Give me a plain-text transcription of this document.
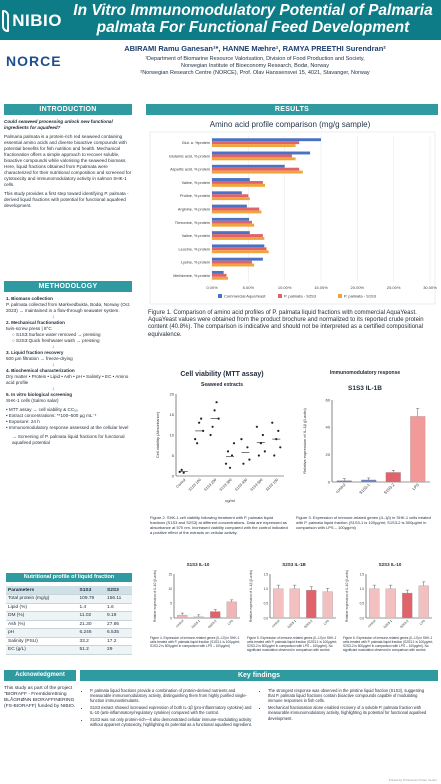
NIBIO
In Vitro Immunomodulatory Potential of Palmaria palmata For Functional Feed Development
NORCE
ABIRAMI Ramu Ganesan¹*, HANNE Mæhre¹, RAMYA PREETHI Surendran²
¹Department of Biomarine Resource Valorisation, Division of Food Production and Society,
Norwegian Institute of Bioeconomy Research, Bodø, Norway
²Norwegian Research Centre (NORCE), Prof. Olav Hanssensvei 15, 4021, Stavanger, Norway
INTRODUCTION	RESULTS

Could seaweed processing unlock new functional ingredients for aquafeed?

Palmaria palmata is a protein-rich red seaweed containing essential amino acids and diverse bioactive compounds with potential benefits for fish nutrition and health. Mechanical fractionation offers a simple approach to recover soluble, bioactive compounds while valorising the seaweed biomass. Here, liquid fractions obtained from P.palmata were characterized for their nutritional composition and screened for cytotoxicity and immunomodulatory activity in salmon SHK-1 cells.

This study provides a first step toward identifying P. palmata -derived liquid fractions with potential for functional aquafeed development.

METHODOLOGY
1. Biomass collection
P. palmata collected from Mørkvedbukta, Bodø, Norway (Oct. 2023) → maintained in a flow-through seawater system.
↓
2. Mechanical fractionation
twin-screw press | 8°C
○ S1S3:Surface water removed → pressing
○ S2S3:Quick freshwater wash → pressing
↓
3. Liquid fraction recovery
500 µm filtration → freeze-drying
↓
4. Biochemical characterization
Dry matter • Protein • Lipid • Ash • pH • Salinity • EC • Amino acid profile
↓
5. In vitro biological screening
SHK-1 cells (Salmo salar)
• MTT assay → cell viability & CC₅₀
• Extract concentrations: **100–500 µg mL⁻¹
• Exposure: 24 h
• Immunomodulatory response assessed at the cellular level
→ Screening of P. palmata liquid fractions for functional aquafeed potential
Nutritional profile of liquid fraction
Parameters	S1S3	S2S3
Total protein (mg/g)	109.79	156.11
Lipid (%)	1.4	1.6
DM (%)	11.02	9.19
Ash (%)	21.30	27.86
pH	6.246	6.535
Salinity (PSU)	33.2	17.2
EC (g/L)	51.2	29
Amino acid profile comparison (mg/g sample)
0.00%	5.00%	10.00%	15.00%	20.00%	25.00%	30.00%
Glut. a. %protein
Glutamic acid, % protein
Aspartic acid, % protein
Valine, % protein
Proline, % protein
Arginine, % protein
Threonine, % protein
Valine, % protein
Leucine, % protein
Lysine, % protein
Methionine, % protein
Commercial AquaYeast	P. palmata - S2S3	P. palmata - S1S3
Figure 1. Comparison of amino acid profiles of P. palmata liquid fractions with commercial AquaYeast. AquaYeast values were obtained from the product brochure and normalized to its reported crude protein content (40.8%). The comparison is indicative and should not be interpreted as a certified compositional equivalence.
Cell viability (MTT assay)
Seaweed extracts
0
5
10
15
20
Cell viability (Absorbance)
Control S1S3 100 S1S3 200 S1S3 300 S1S3 400 S1S3 500 S2S3 100
ug/ml
Immunomodulatory response
S1S3 IL-1B
0
20
40
60
Relative expression of IL-1β (β-actin)
control	S1S3-1	S1S3-2	LPS
Figure 2. SHK-1 cell viability following treatment with P. palmata liquid fractions (S1S3 and S2S3) at different concentrations. Data are expressed as absorbance at 570 nm. Increased viability compared with the control indicated a positive effect of the extracts on cellular activity.
Figure 3. Expression of immune-related genes (IL-1β) in SHK-1 cells treated with P. palmata liquid fraction (S1S3-1 is 100µg/ml; S1S3-2 is 500µg/ml in comparison with LPS – 100µg/ml)
S1S3 IL-10
0
5
10
15
Relative expression of IL-10 (β-actin)
control S1S3-1 S1S3-2	LPS
S2S3 IL-1B
0.0
0.5
1.0
1.5
Relative expression of IL-1β (β-actin)
control S2S3-1 S2S3-2	LPS
S2S3 IL-10
0.0
0.5
1.0
1.5
Relative expression of IL-10 (β-actin)
control S2S3-1 S2S3-2	LPS
Figure 4. Expression of immune-related genes (IL-10) in SHK-1 cells treated with P. palmata liquid fraction (S1S3-1 is 100µg/ml; S1S3-2 is 500µg/ml in comparison with LPS – 100µg/ml)
Figure 5. Expression of immune-related genes (IL-10) in SHK-1 cells treated with P. palmata liquid fraction (S2S3-1 is 100µg/ml; S2S3-2 is 500µg/ml in comparison with LPS – 100µg/ml). No significant modulation observed in comparison with control.
Figure 6. Expression of immune-related genes (IL-10) in SHK-1 cells treated with P. palmata liquid fraction (S2S3-1 is 100µg/ml; S2S3-2 is 500µg/ml in comparison with LPS – 100µg/ml). No significant modulation observed in comparison with control.
Acknowledgment
This study as part of the project "BIORAFF - Fremtidsrettning BLÅGRØNN BIORAFFINERING (FS-BIORAFF) funded by NIBIO.
Key findings
• P. palmata liquid fractions provide a combination of protein-derived nutrients and measurable immunomodulatory activity, distinguishing them from highly purified single-function immunostimulants.
• S1S3 extract showed increased expression of both IL-1β (pro-inflammatory cytokine) and IL-10 (anti-inflammatory/regulatory cytokine) compared with the control.
• S1S3 was not only protein-rich—it also demonstrated cellular immune-modulating activity without apparent cytotoxicity, highlighting its potential as a functional aquafeed ingredient.
• The strongest response was observed in the pristine liquid fraction (S1S3), suggesting that P. palmata liquid fractions contain bioactive compounds capable of modulating immune responses in fish cells.
• Mechanical fractionation alone enabled recovery of a soluble P. palmata fraction with measurable immunomodulatory activity, highlighting its potential for functional aquafeed development.
Printed by Printcenter Poster Center
